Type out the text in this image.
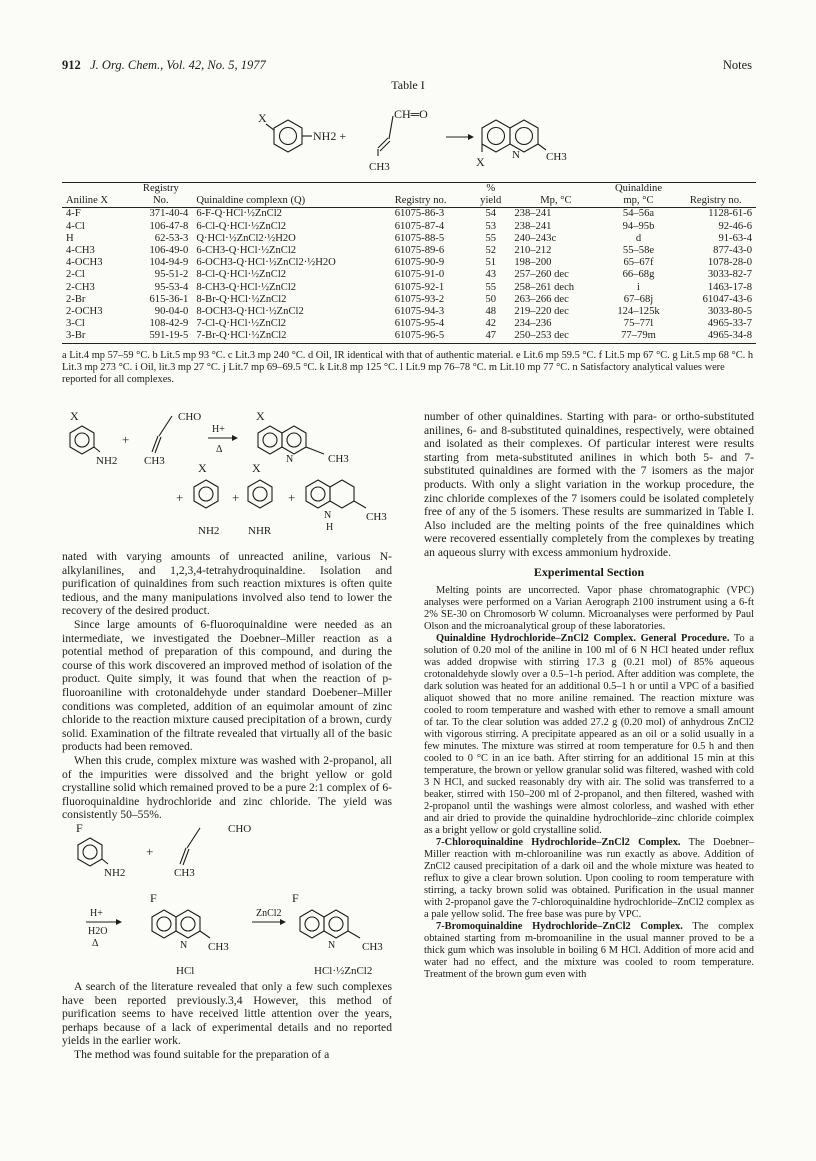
912 J. Org. Chem., Vol. 42, No. 5, 1977	Notes
Table I
X
NH2 +
CH═O
CH3
N CH3
X
	Registry			%		Quinaldine	
Aniline X	No.	Quinaldine complexn (Q)	Registry no.	yield	Mp, °C	mp, °C	Registry no.
4-F	371-40-4	6-F-Q·HCl·½ZnCl2	61075-86-3	54	238–241	54–56a	1128-61-6
4-Cl	106-47-8	6-Cl-Q·HCl·½ZnCl2	61075-87-4	53	238–241	94–95b	92-46-6
H	62-53-3	Q·HCl·½ZnCl2·½H2O	61075-88-5	55	240–243c	d	91-63-4
4-CH3	106-49-0	6-CH3-Q·HCl·½ZnCl2	61075-89-6	52	210–212	55–58e	877-43-0
4-OCH3	104-94-9	6-OCH3-Q·HCl·½ZnCl2·½H2O	61075-90-9	51	198–200	65–67f	1078-28-0
2-Cl	95-51-2	8-Cl-Q·HCl·½ZnCl2	61075-91-0	43	257–260 dec	66–68g	3033-82-7
2-CH3	95-53-4	8-CH3-Q·HCl·½ZnCl2	61075-92-1	55	258–261 dech	i	1463-17-8
2-Br	615-36-1	8-Br-Q·HCl·½ZnCl2	61075-93-2	50	263–266 dec	67–68j	61047-43-6
2-OCH3	90-04-0	8-OCH3-Q·HCl·½ZnCl2	61075-94-3	48	219–220 dec	124–125k	3033-80-5
3-Cl	108-42-9	7-Cl-Q·HCl·½ZnCl2	61075-95-4	42	234–236	75–77l	4965-33-7
3-Br	591-19-5	7-Br-Q·HCl·½ZnCl2	61075-96-5	47	250–253 dec	77–79m	4965-34-8
a Lit.4 mp 57–59 °C. b Lit.5 mp 93 °C. c Lit.3 mp 240 °C. d Oil, IR identical with that of authentic material. e Lit.6 mp 59.5 °C. f Lit.5 mp 67 °C. g Lit.5 mp 68 °C. h Lit.3 mp 273 °C. i Oil, lit.3 mp 27 °C. j Lit.7 mp 69–69.5 °C. k Lit.8 mp 125 °C. l Lit.9 mp 76–78 °C. m Lit.10 mp 77 °C. n Satisfactory analytical values were reported for all complexes.
X
NH2
+
CHO
CH3
H+
Δ
X
N	CH3
X
+
NH2
+
X
NHR
+
N
H
CH3

nated with varying amounts of unreacted aniline, various N-alkylanilines, and 1,2,3,4-tetrahydroquinaldine. Isolation and purification of quinaldines from such reaction mixtures is often quite tedious, and the many manipulations involved also tend to lower the recovery of the desired product.

Since large amounts of 6-fluoroquinaldine were needed as an intermediate, we investigated the Doebner–Miller reaction as a potential method of preparation of this compound, and during the course of this work discovered an improved method of isolation of the product. Quite simply, it was found that when the reaction of p-fluoroaniline with crotonaldehyde under standard Doebener–Miller conditions was completed, addition of an equimolar amount of zinc chloride to the reaction mixture caused precipitation of a brown, curdy solid. Examination of the filtrate revealed that virtually all of the basic products had been removed.

When this crude, complex mixture was washed with 2-propanol, all of the impurities were dissolved and the bright yellow or gold crystalline solid which remained proved to be a pure 2:1 complex of 6-fluoroquinaldine hydrochloride and zinc chloride. The yield was consistently 50–55%.

F
NH2
+
CHO
CH3
H+
H2O
Δ
F
N CH3
HCl
ZnCl2
F
N CH3
HCl·½ZnCl2

A search of the literature revealed that only a few such complexes have been reported previously.3,4 However, this method of purification seems to have received little attention over the years, perhaps because of a lack of experimental details and no reported yields in the earlier work.

The method was found suitable for the preparation of a

number of other quinaldines. Starting with para- or ortho-substituted anilines, 6- and 8-substituted quinaldines, respectively, were obtained and isolated as their complexes. Of particular interest were results starting from meta-substituted anilines in which both 5- and 7-substituted quinaldines are formed with the 7 isomers as the major products. With only a slight variation in the workup procedure, the zinc chloride complexes of the 7 isomers could be isolated completely free of any of the 5 isomers. These results are summarized in Table I. Also included are the melting points of the free quinaldines which were recovered essentially completely from the complexes by treating an aqueous slurry with excess ammonium hydroxide.

Experimental Section

Melting points are uncorrected. Vapor phase chromatographic (VPC) analyses were performed on a Varian Aerograph 2100 instrument using a 6-ft 2% SE-30 on Chromosorb W column. Microanalyses were performed by Paul Olson and the microanalytical group of these laboratories.

Quinaldine Hydrochloride–ZnCl2 Complex. General Procedure. To a solution of 0.20 mol of the aniline in 100 ml of 6 N HCl heated under reflux was added dropwise with stirring 17.3 g (0.21 mol) of 85% aqueous crotonaldehyde slowly over a 0.5–1-h period. After addition was complete, the dark solution was heated for an additional 0.5–1 h or until a VPC of a basified aliquot showed that no more aniline remained. The reaction mixture was cooled to room temperature and washed with ether to remove a small amount of tar. To the clear solution was added 27.2 g (0.20 mol) of anhydrous ZnCl2 with vigorous stirring. A precipitate appeared as an oil or a solid usually in a few minutes. The mixture was stirred at room temperature for 0.5 h and then cooled to 0 °C in an ice bath. After stirring for an additional 15 min at this temperature, the brown or yellow granular solid was filtered, washed with cold 3 N HCl, and sucked reasonably dry with air. The solid was transferred to a beaker, stirred with 150–200 ml of 2-propanol, and then filtered, washed with 2-propanol until the washings were almost colorless, and washed with ether and air dried to provide the quinaldine hydrochloride–zinc chloride coimplex as a bright yellow or gold crystalline solid.

7-Chloroquinaldine Hydrochloride–ZnCl2 Complex. The Doebner–Miller reaction with m-chloroaniline was run exactly as above. Addition of ZnCl2 caused precipitation of a dark oil and the whole mixture was heated to reflux to give a clear brown solution. Upon cooling to room temperature with stirring, a tacky brown solid was obtained. Purification in the usual manner with 2-propanol gave the 7-chloroquinaldine hydrochloride–ZnCl2 complex as a pale yellow solid. The free base was pure by VPC.

7-Bromoquinaldine Hydrochloride–ZnCl2 Complex. The complex obtained starting from m-bromoaniline in the usual manner proved to be a thick gum which was insoluble in boiling 6 M HCl. Addition of more acid and water had no effect, and the mixture was cooled to room temperature. Treatment of the brown gum even with
